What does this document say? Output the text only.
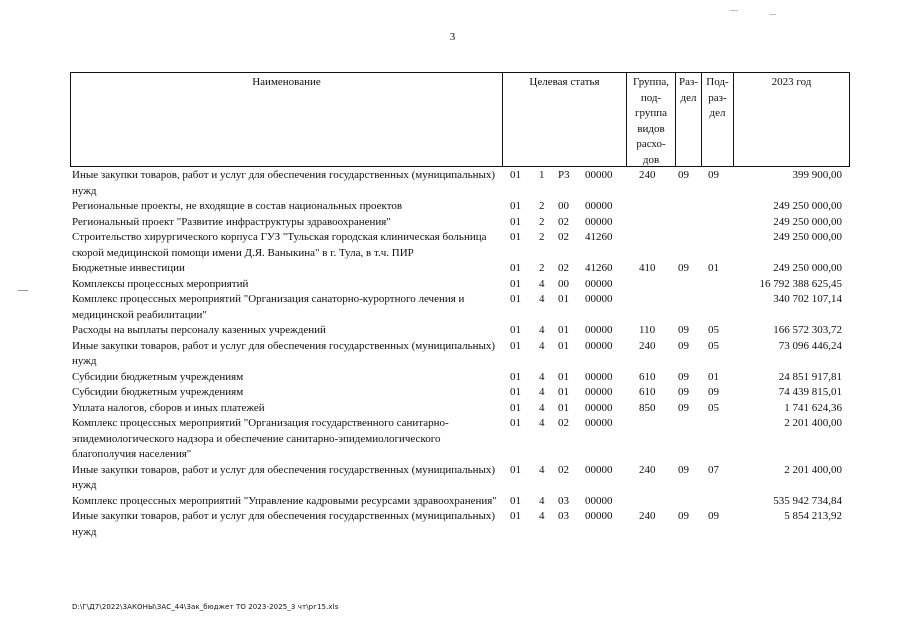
3
Наименование	Целевая статья	Группа,
под-
группа
видов
расхо-
дов
Раз-
дел
Под-
раз-
дел
2023 год
Иные закупки товаров, работ и услуг для обеспечения государственных (муниципальных) нужд
01 1 Р3 00000 240 09 09	399 900,00
Региональные проекты, не входящие в состав национальных проектов	01 2 00 00000	249 250 000,00
Региональный проект "Развитие инфраструктуры здравоохранения"	01 2 02 00000	249 250 000,00
Строительство хирургического корпуса ГУЗ "Тульская городская клиническая больница скорой медицинской помощи имени Д.Я. Ваныкина" в г. Тула, в т.ч. ПИР
01 2 02 41260	249 250 000,00
Бюджетные инвестиции	01 2 02 41260 410 09 01	249 250 000,00
Комплексы процессных мероприятий	01 4 00 00000	16 792 388 625,45
Комплекс процессных мероприятий "Организация санаторно-курортного лечения и медицинской реабилитации"
01 4 01 00000	340 702 107,14
Расходы на выплаты персоналу казенных учреждений	01 4 01 00000 110 09 05	166 572 303,72
Иные закупки товаров, работ и услуг для обеспечения государственных (муниципальных) нужд
01 4 01 00000 240 09 05	73 096 446,24
Субсидии бюджетным учреждениям	01 4 01 00000 610 09 01	24 851 917,81
Субсидии бюджетным учреждениям	01 4 01 00000 610 09 09	74 439 815,01
Уплата налогов, сборов и иных платежей	01 4 01 00000 850 09 05	1 741 624,36
Комплекс процессных мероприятий "Организация государственного санитарно-эпидемиологического надзора и обеспечение санитарно-эпидемиологического благополучия населения"
01 4 02 00000	2 201 400,00
Иные закупки товаров, работ и услуг для обеспечения государственных (муниципальных) нужд
01 4 02 00000 240 09 07	2 201 400,00
Комплекс процессных мероприятий "Управление кадровыми ресурсами здравоохранения" 01 4 03 00000	535 942 734,84
Иные закупки товаров, работ и услуг для обеспечения государственных (муниципальных) нужд
01 4 03 00000 240 09 09	5 854 213,92
D:\Г\Д7\2022\ЗАКОНЫ\ЗАС_44\Зак_бюджет ТО 2023-2025_3 чт\рг15.xls
